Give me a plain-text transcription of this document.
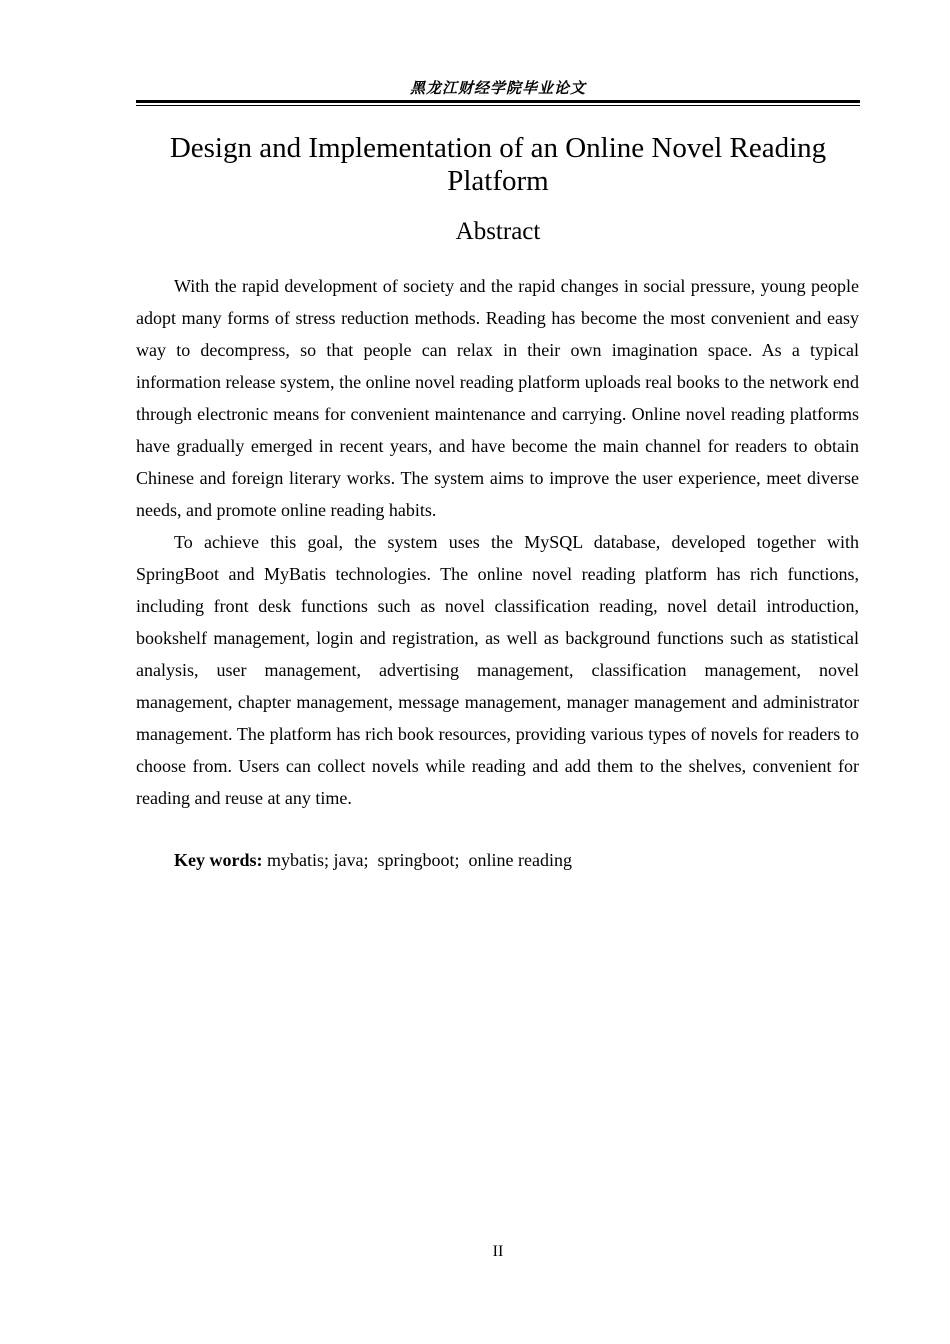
黑龙江财经学院毕业论文
Design and Implementation of an Online Novel Reading Platform
Abstract

With the rapid development of society and the rapid changes in social pressure, young people adopt many forms of stress reduction methods. Reading has become the most convenient and easy way to decompress, so that people can relax in their own imagination space. As a typical information release system, the online novel reading platform uploads real books to the network end through electronic means for convenient maintenance and carrying. Online novel reading platforms have gradually emerged in recent years, and have become the main channel for readers to obtain Chinese and foreign literary works. The system aims to improve the user experience, meet diverse needs, and promote online reading habits.

To achieve this goal, the system uses the MySQL database, developed together with SpringBoot and MyBatis technologies. The online novel reading platform has rich functions, including front desk functions such as novel classification reading, novel detail introduction, bookshelf management, login and registration, as well as background functions such as statistical analysis, user management, advertising management, classification management, novel management, chapter management, message management, manager management and administrator management. The platform has rich book resources, providing various types of novels for readers to choose from. Users can collect novels while reading and add them to the shelves, convenient for reading and reuse at any time.

Key words: mybatis; java;  springboot;  online reading
II
